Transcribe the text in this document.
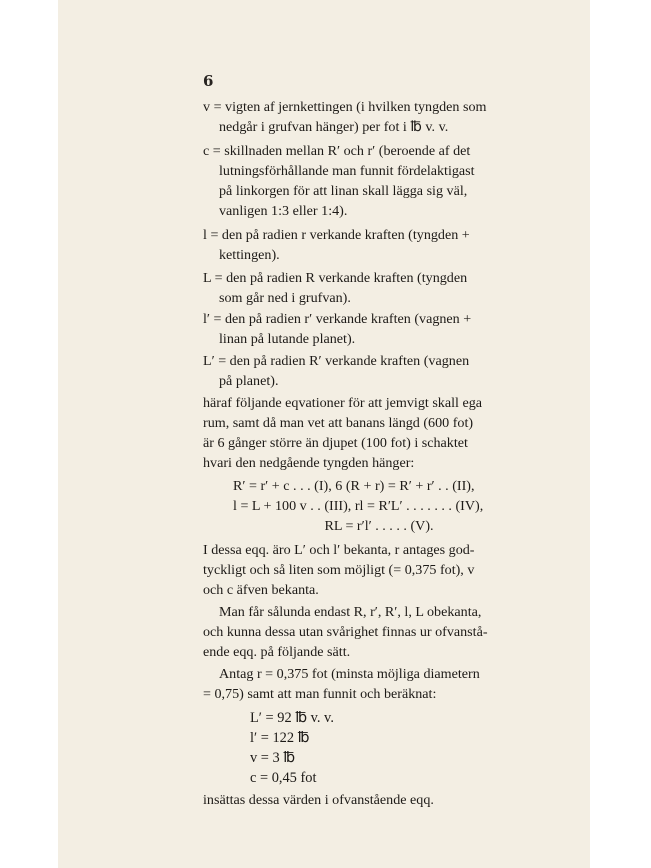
6
v = vigten af jernkettingen (i hvilken tyngden som
nedgår i grufvan hänger) per fot i ℔ v. v.
c = skillnaden mellan R′ och r′ (beroende af det
lutningsförhållande man funnit fördelaktigast
på linkorgen för att linan skall lägga sig väl,
vanligen 1:3 eller 1:4).
l = den på radien r verkande kraften (tyngden +
kettingen).
L = den på radien R verkande kraften (tyngden
som går ned i grufvan).
l′ = den på radien r′ verkande kraften (vagnen +
linan på lutande planet).
L′ = den på radien R′ verkande kraften (vagnen
på planet).
häraf följande eqvationer för att jemvigt skall ega
rum, samt då man vet att banans längd (600 fot)
är 6 gånger större än djupet (100 fot) i schaktet
hvari den nedgående tyngden hänger:
R′ = r′ + c . . . (I), 6 (R + r) = R′ + r′ . . (II),
l = L + 100 v . . (III), rl = R′L′ . . . . . . . (IV),
RL = r′l′ . . . . . (V).
I dessa eqq. äro L′ och l′ bekanta, r antages god-
tyckligt och så liten som möjligt (= 0,375 fot), v
och c äfven bekanta.
Man får sålunda endast R, r′, R′, l, L obekanta,
och kunna dessa utan svårighet finnas ur ofvanstå-
ende eqq. på följande sätt.
Antag r = 0,375 fot (minsta möjliga diametern
= 0,75) samt att man funnit och beräknat:
L′ = 92 ℔ v. v.
l′ = 122 ℔
v = 3 ℔
c = 0,45 fot
insättas dessa värden i ofvanstående eqq.
